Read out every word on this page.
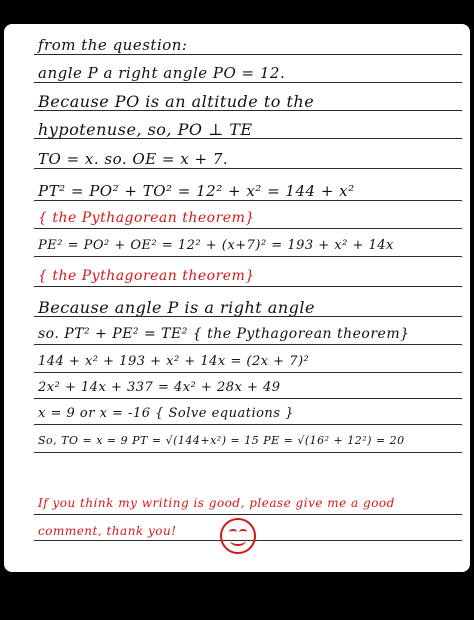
from the question:
angle P a right angle PO = 12.
Because PO is an altitude to the
hypotenuse, so, PO ⊥ TE
TO = x. so. OE = x + 7.
PT² = PO² + TO² = 12² + x² = 144 + x²
{ the Pythagorean theorem}
PE² = PO² + OE² = 12² + (x+7)² = 193 + x² + 14x
{ the Pythagorean theorem}
Because angle P is a right angle
so. PT² + PE² = TE² { the Pythagorean theorem}
144 + x² + 193 + x² + 14x = (2x + 7)²
2x² + 14x + 337 = 4x² + 28x + 49
x = 9 or x = -16 { Solve equations }
So, TO = x = 9 PT = √(144+x²) = 15 PE = √(16² + 12²) = 20
If you think my writing is good, please give me a good
comment, thank you!
